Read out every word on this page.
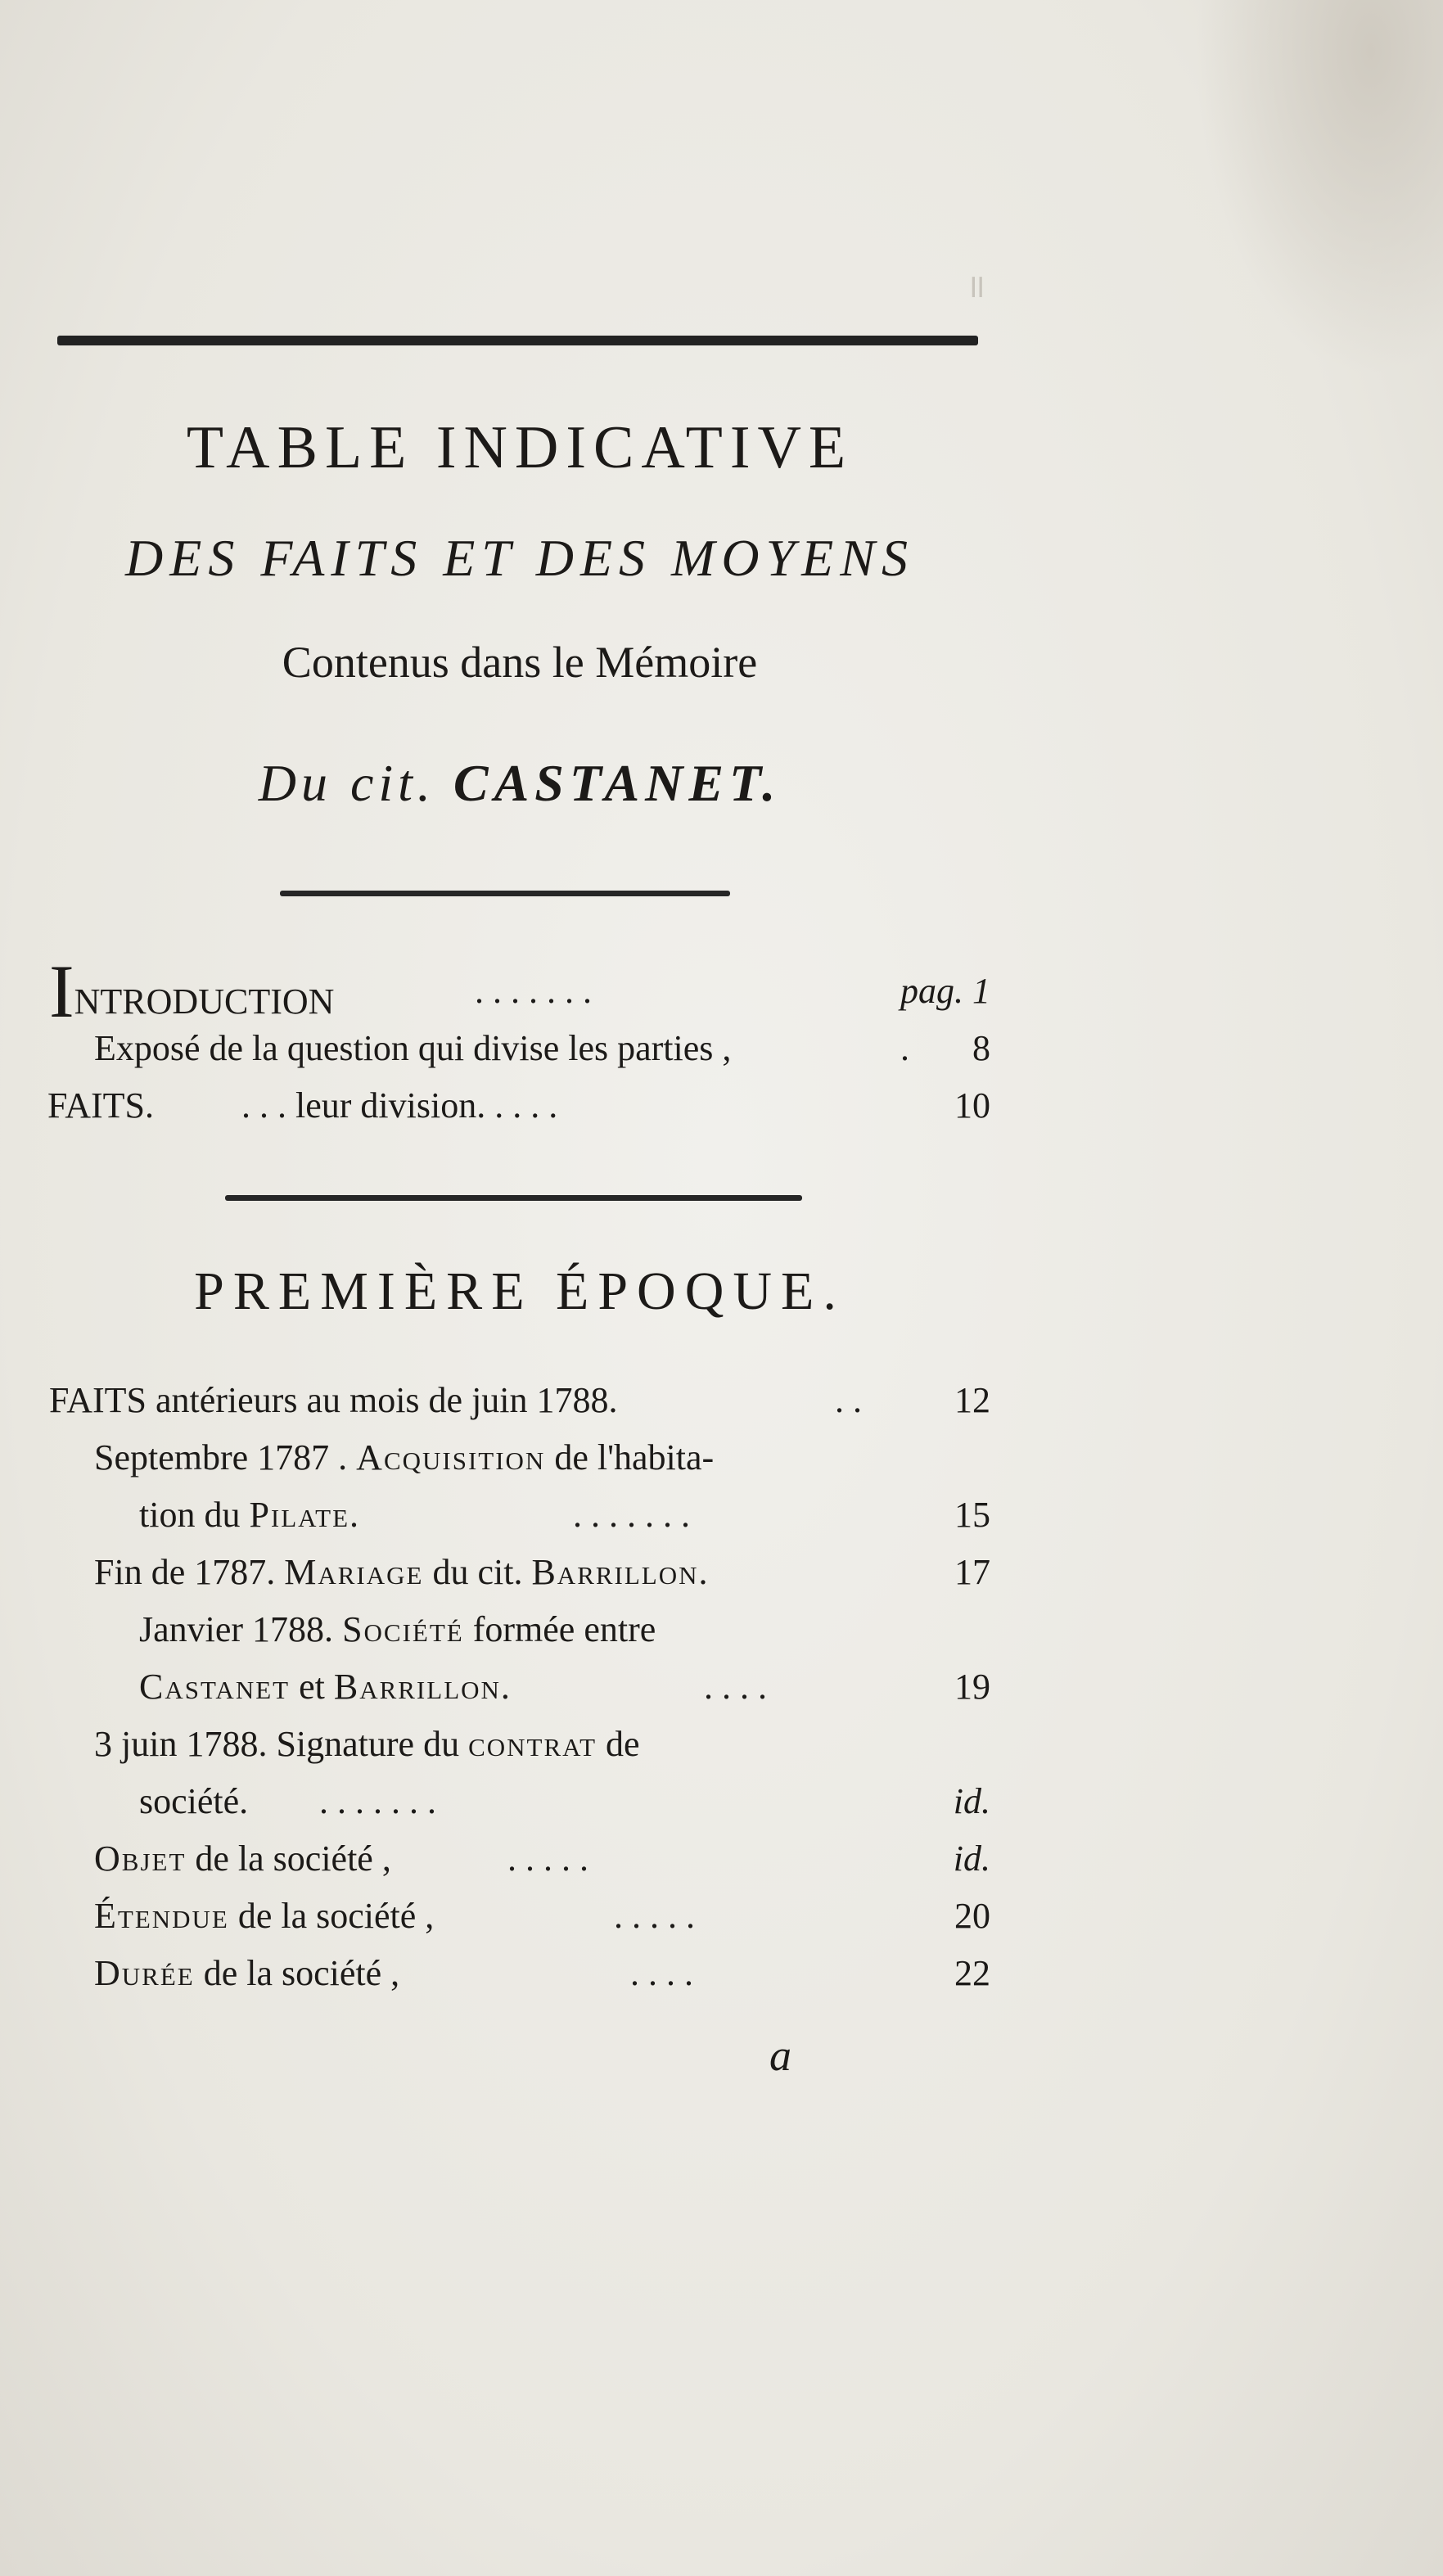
॥
TABLE INDICATIVE
DES FAITS ET DES MOYENS
Contenus dans le Mémoire
Du cit. CASTANET.
INTRODUCTION	. . . . . . .	pag. 1
Exposé de la question qui divise les parties ,	. 8
FAITS. . . . leur division. . . . .	10
PREMIÈRE ÉPOQUE.
FAITS antérieurs au mois de juin 1788.	. .	12
Septembre 1787 . Acquisition de l'habita-
tion du Pilate.	. . . . . . .	15
Fin de 1787. Mariage du cit. Barrillon.	17
Janvier 1788. Société formée entre
Castanet et Barrillon.	. . . .	19
3 juin 1788. Signature du contrat de
société. . . . . . . .	id.
Objet de la société ,	. . . . .	id.
Étendue de la société ,	. . . . .	20
Durée de la société ,	. . . .	22
a
